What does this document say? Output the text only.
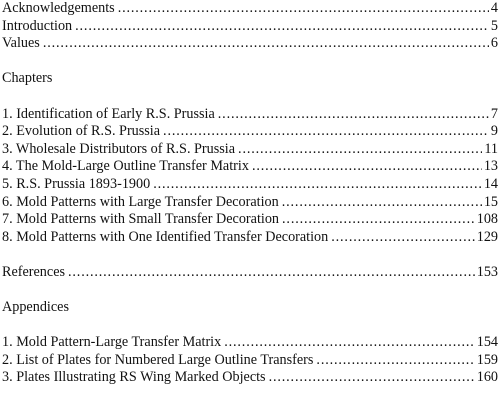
Acknowledgements . . .	4
Introduction . . .	5
Values . . .	6
Chapters
1. Identification of Early R.S. Prussia . . .	7
2. Evolution of R.S. Prussia . . .	9
3. Wholesale Distributors of R.S. Prussia . . .	11
4. The Mold-Large Outline Transfer Matrix . . .	13
5. R.S. Prussia 1893-1900 . . .	14
6. Mold Patterns with Large Transfer Decoration . . .	15
7. Mold Patterns with Small Transfer Decoration . . .	108
8. Mold Patterns with One Identified Transfer Decoration . . .	129
References . . .	153
Appendices
1. Mold Pattern-Large Transfer Matrix . . .	154
2. List of Plates for Numbered Large Outline Transfers . . .	159
3. Plates Illustrating RS Wing Marked Objects . . .	160
